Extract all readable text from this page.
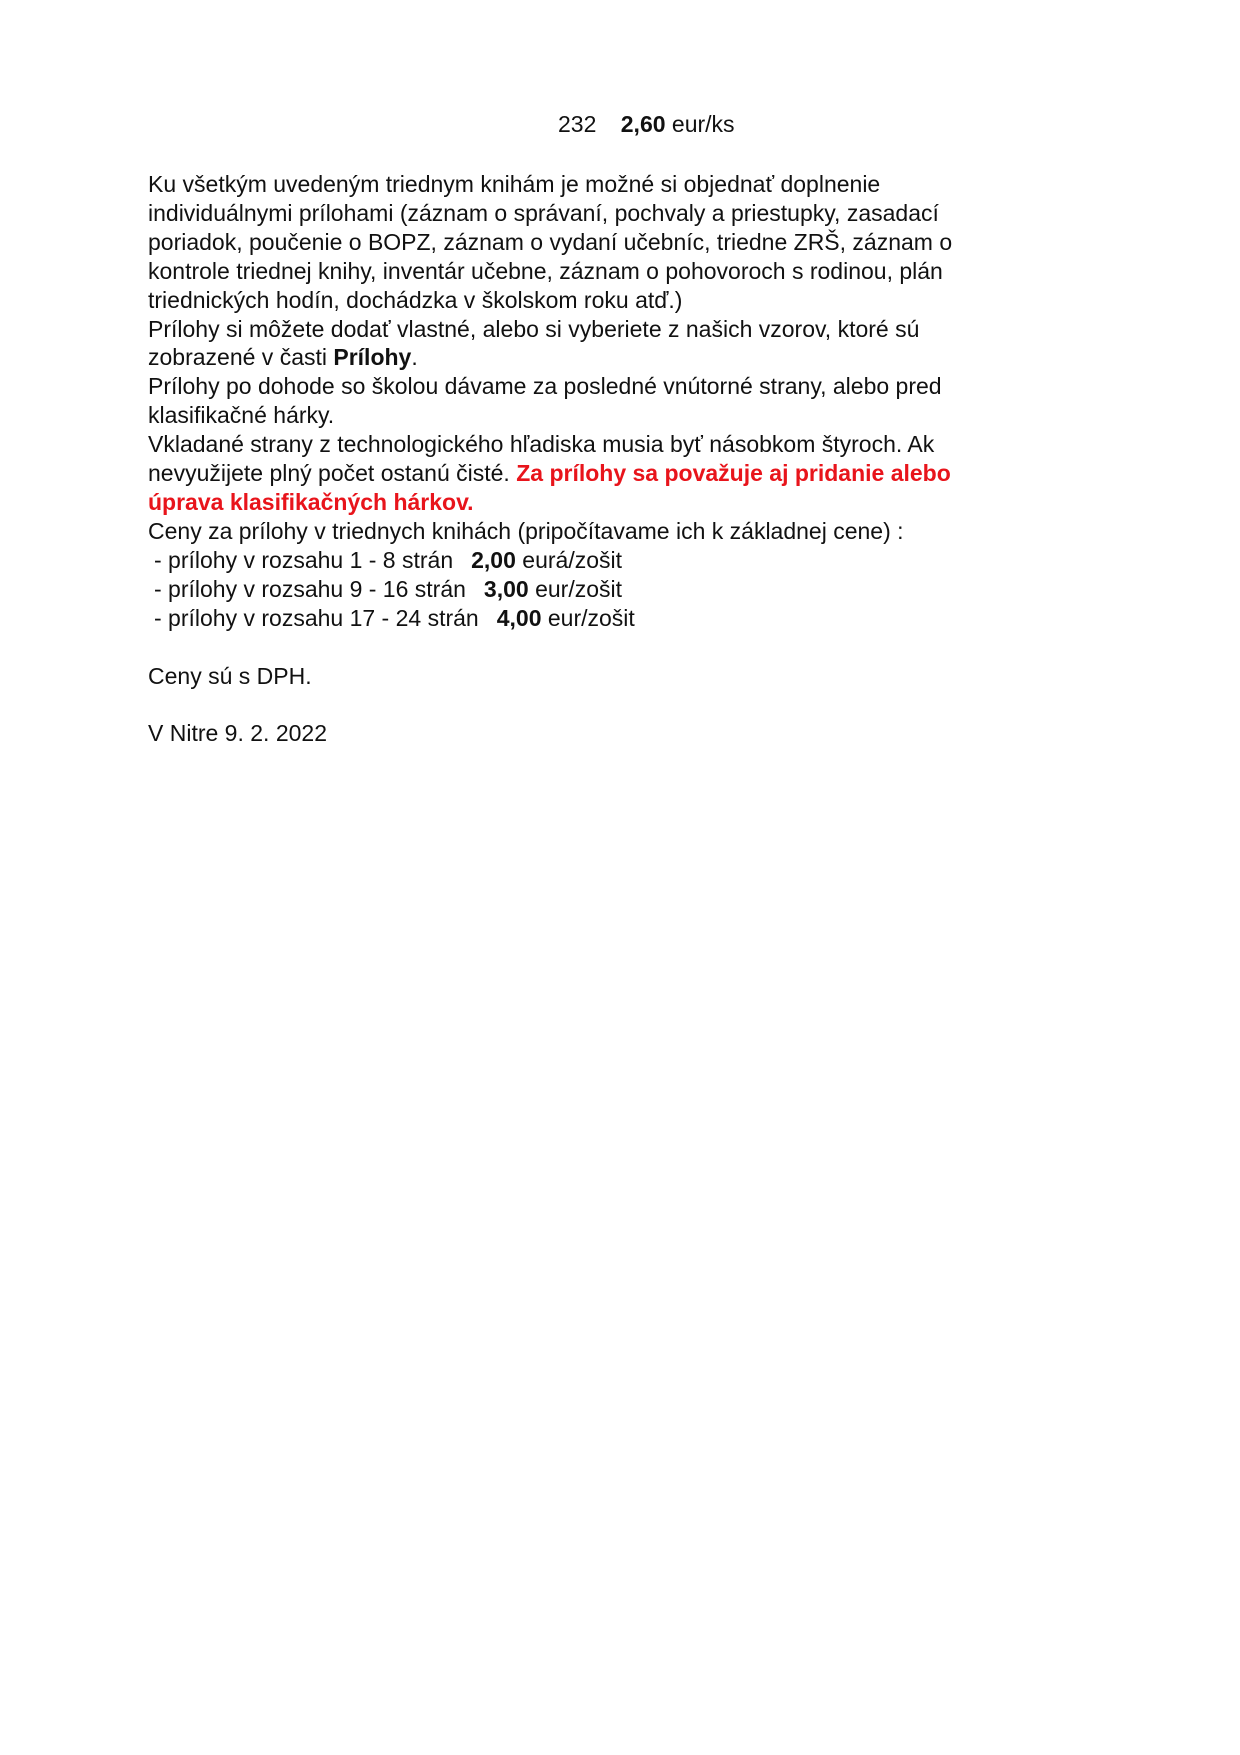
232 2,60 eur/ks

Ku všetkým uvedeným triednym knihám je možné si objednať doplnenie
individuálnymi prílohami (záznam o správaní, pochvaly a priestupky, zasadací
poriadok, poučenie o BOPZ, záznam o vydaní učebníc, triedne ZRŠ, záznam o
kontrole triednej knihy, inventár učebne, záznam o pohovoroch s rodinou, plán
triednických hodín, dochádzka v školskom roku atď.)

Prílohy si môžete dodať vlastné, alebo si vyberiete z našich vzorov, ktoré sú
zobrazené v časti Prílohy.

Prílohy po dohode so školou dávame za posledné vnútorné strany, alebo pred
klasifikačné hárky.

Vkladané strany z technologického hľadiska musia byť násobkom štyroch. Ak
nevyužijete plný počet ostanú čisté. Za prílohy sa považuje aj pridanie alebo
úprava klasifikačných hárkov.

Ceny za prílohy v triednych knihách (pripočítavame ich k základnej cene) :
- prílohy v rozsahu 1 - 8 strán 2,00 eurá/zošit
- prílohy v rozsahu 9 - 16 strán 3,00 eur/zošit
- prílohy v rozsahu 17 - 24 strán 4,00 eur/zošit

Ceny sú s DPH.

V Nitre 9. 2. 2022
